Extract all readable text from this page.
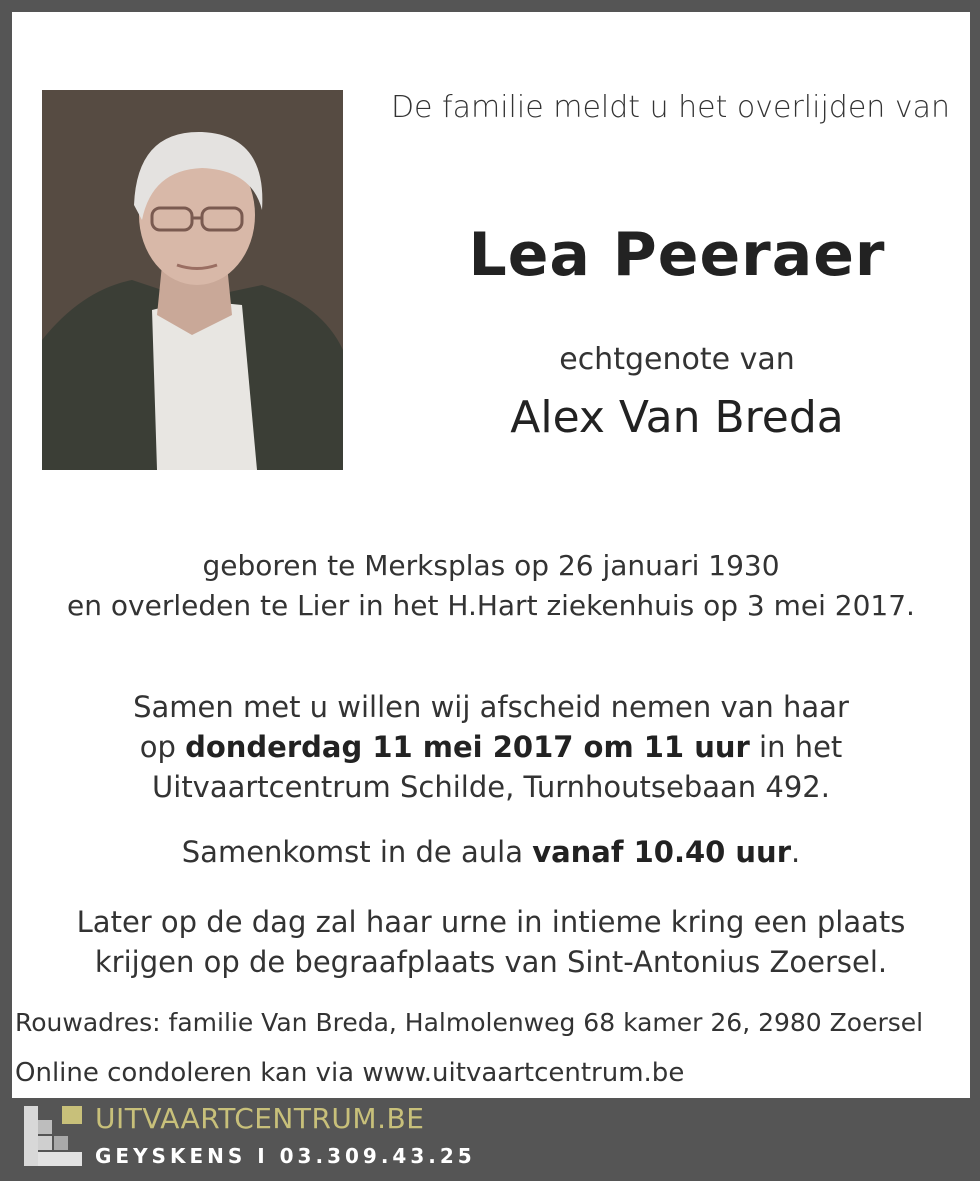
De familie meldt u het overlijden van
Lea Peeraer
echtgenote van
Alex Van Breda
geboren te Merksplas op 26 januari 1930
en overleden te Lier in het H.Hart ziekenhuis op 3 mei 2017.
Samen met u willen wij afscheid nemen van haar
op donderdag 11 mei 2017 om 11 uur in het
Uitvaartcentrum Schilde, Turnhoutsebaan 492.
Samenkomst in de aula vanaf 10.40 uur.
Later op de dag zal haar urne in intieme kring een plaats
krijgen op de begraafplaats van Sint-Antonius Zoersel.
Rouwadres: familie Van Breda, Halmolenweg 68 kamer 26, 2980 Zoersel
Online condoleren kan via www.uitvaartcentrum.be
UITVAARTCENTRUM.BE
GEYSKENS I 03.309.43.25
